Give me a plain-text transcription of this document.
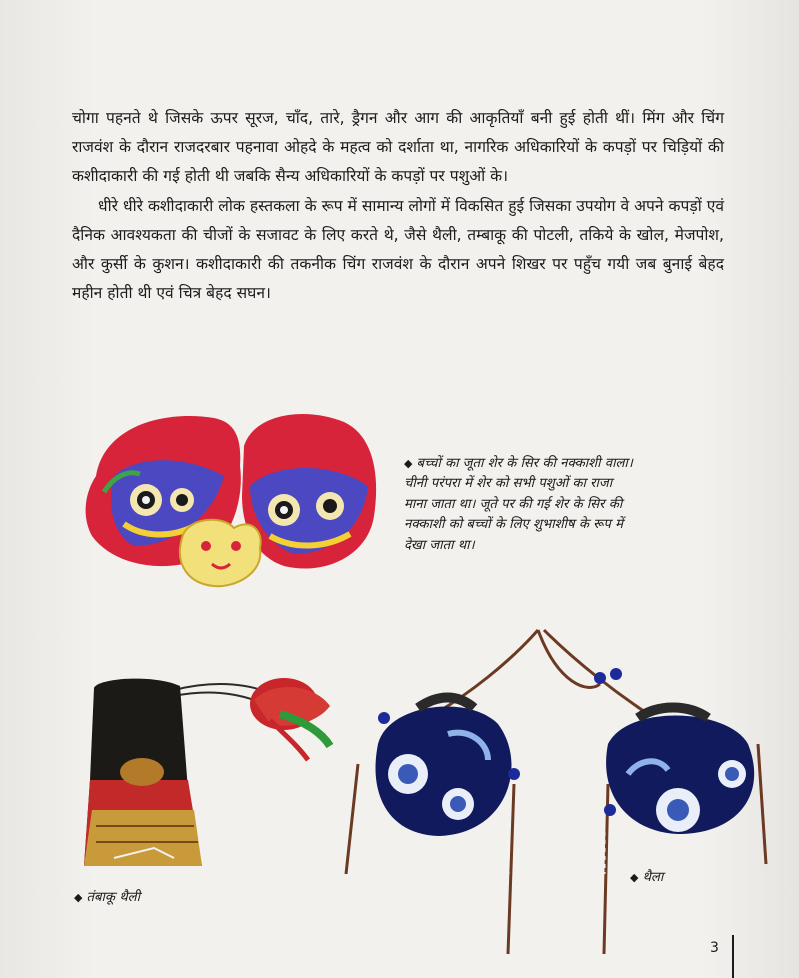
चोगा पहनते थे जिसके ऊपर सूरज, चाँद, तारे, ड्रैगन और आग की आकृतियाँ बनी हुई होती थीं। मिंग और चिंग राजवंश के दौरान राजदरबार पहनावा ओहदे के महत्व को दर्शाता था, नागरिक अधिकारियों के कपड़ों पर चिड़ियों की कशीदाकारी की गई होती थी जबकि सैन्य अधिकारियों के कपड़ों पर पशुओं के।

धीरे धीरे कशीदाकारी लोक हस्तकला के रूप में सामान्य लोगों में विकसित हुई जिसका उपयोग वे अपने कपड़ों एवं दैनिक आवश्यकता की चीजों के सजावट के लिए करते थे, जैसे थैली, तम्बाकू की पोटली, तकिये के खोल, मेजपोश, और कुर्सी के कुशन। कशीदाकारी की तकनीक चिंग राजवंश के दौरान अपने शिखर पर पहुँच गयी जब बुनाई बेहद महीन होती थी एवं चित्र बेहद सघन।

◆ बच्चों का जूता शेर के सिर की नक्काशी वाला।
चीनी परंपरा में शेर को सभी पशुओं का राजा
माना जाता था। जूते पर की गई शेर के सिर की
नक्काशी को बच्चों के लिए शुभाशीष के रूप में
देखा जाता था।
◆ तंबाकू थैली
◆ थैला
3
